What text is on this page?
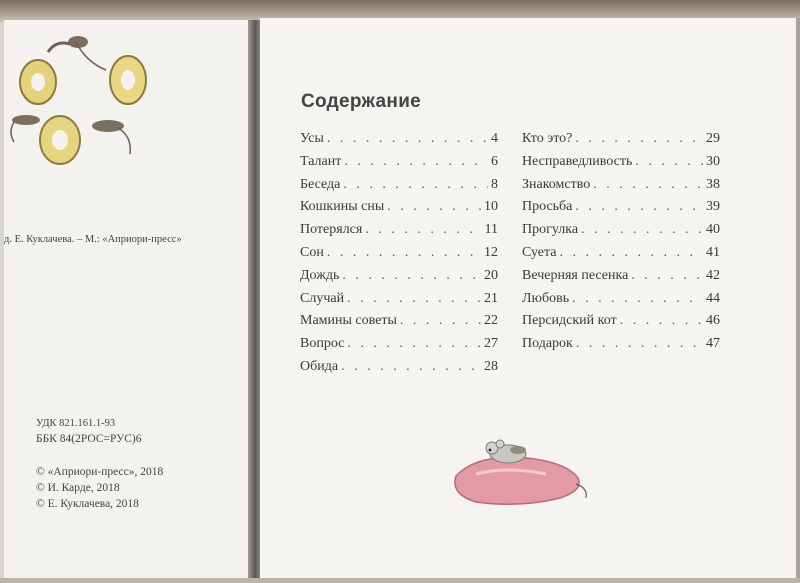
д. Е. Куклачева. – М.: «Априори-пресс»
УДК 821.161.1-93
ББК 84(2РОС=РУС)6
© «Априори-пресс», 2018
© И. Карде, 2018
© Е. Куклачева, 2018
Содержание
Усы . . .	4
Талант . . .	6
Беседа . . .	8
Кошкины сны . . .	10
Потерялся . . .	11
Сон . . .	12
Дождь . . .	20
Случай . . .	21
Мамины советы . . .	22
Вопрос . . .	27
Обида . . .	28
Кто это? . . .	29
Несправедливость . . .	30
Знакомство . . .	38
Просьба . . .	39
Прогулка . . .	40
Суета . . .	41
Вечерняя песенка . . .	42
Любовь . . .	44
Персидский кот . . .	46
Подарок . . .	47
